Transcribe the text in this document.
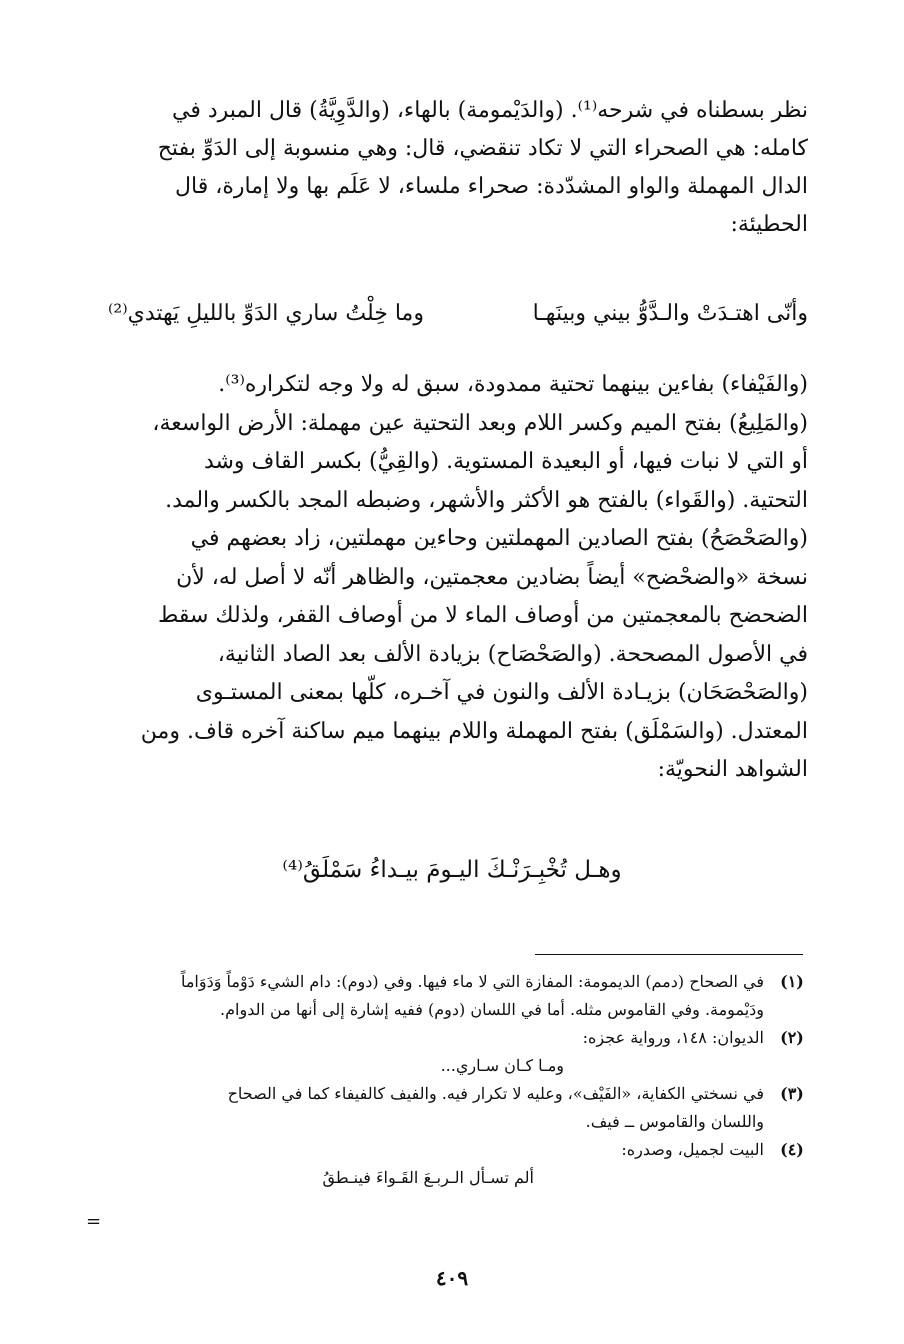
نظر بسطناه في شرحه⁽¹⁾. (والدَيْمومة) بالهاء، (والدَّوِيَّةُ) قال المبرد في
كامله: هي الصحراء التي لا تكاد تنقضي، قال: وهي منسوبة إلى الدَوِّ بفتح
الدال المهملة والواو المشدّدة: صحراء ملساء، لا عَلَم بها ولا إمارة، قال
الحطيئة:
وأنّى اهتـدَتْ والـدَّوُّ بيني وبينَهـا
وما خِلْتُ ساري الدَوِّ بالليلِ يَهتدي⁽²⁾
(والفَيْفاء) بفاءين بينهما تحتية ممدودة، سبق له ولا وجه لتكراره⁽³⁾.
(والمَلِيعُ) بفتح الميم وكسر اللام وبعد التحتية عين مهملة: الأرض الواسعة،
أو التي لا نبات فيها، أو البعيدة المستوية. (والقِيُّ) بكسر القاف وشد
التحتية. (والقَواء) بالفتح هو الأكثر والأشهر، وضبطه المجد بالكسر والمد.
(والصَحْصَحُ) بفتح الصادين المهملتين وحاءين مهملتين، زاد بعضهم في
نسخة «والضحْضح» أيضاً بضادين معجمتين، والظاهر أنّه لا أصل له، لأن
الضحضح بالمعجمتين من أوصاف الماء لا من أوصاف القفر، ولذلك سقط
في الأصول المصححة. (والصَحْصَاح) بزيادة الألف بعد الصاد الثانية،
(والصَحْصَحَان) بزيـادة الألف والنون في آخـره، كلّها بمعنى المستـوى
المعتدل. (والسَمْلَق) بفتح المهملة واللام بينهما ميم ساكنة آخره قاف. ومن
الشواهد النحويّة:
وهـل تُخْبِـرَنْـكَ اليـومَ بيـداءُ سَمْلَقُ⁽⁴⁾
(١)
في الصحاح (دمم) الديمومة: المفازة التي لا ماء فيها. وفي (دوم): دام الشيء دَوْماً وَدَوَاماً
ودَيْمومة. وفي القاموس مثله. أما في اللسان (دوم) ففيه إشارة إلى أنها من الدوام.
(٢)
الديوان: ١٤٨، ورواية عجزه:
ومـا كـان سـاري...
(٣)
في نسختي الكفاية، «الفَيْف»، وعليه لا تكرار فيه. والفيف كالفيفاء كما في الصحاح
واللسان والقاموس ــ فيف.
(٤)
البيت لجميل، وصدره:
ألم تسـأل الـربـعَ القَـواءَ فينـطقُ
=
٤٠٩
